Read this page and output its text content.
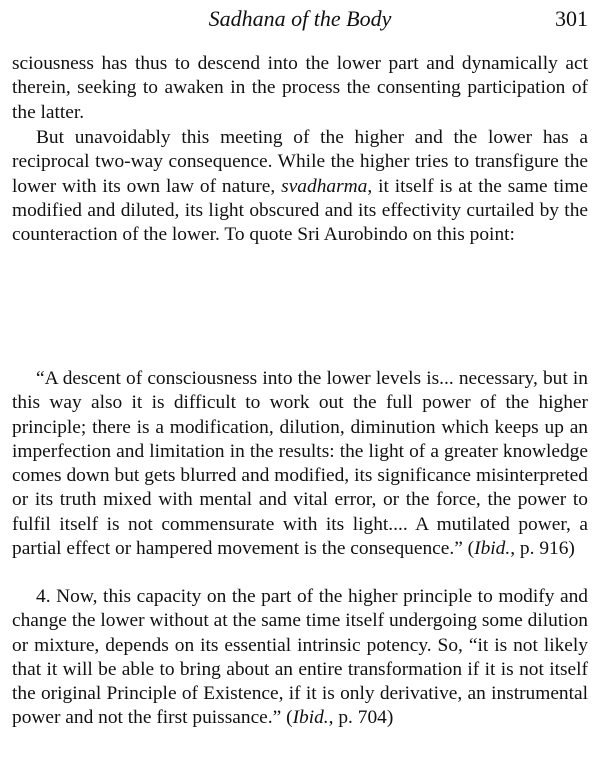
Sadhana of the Body	301

sciousness has thus to descend into the lower part and dynamically act therein, seeking to awaken in the process the consenting participation of the latter.

But unavoidably this meeting of the higher and the lower has a reciprocal two-way consequence. While the higher tries to transfigure the lower with its own law of nature, svadharma, it itself is at the same time modified and diluted, its light obscured and its effectivity curtailed by the counteraction of the lower. To quote Sri Aurobindo on this point:

“A descent of consciousness into the lower levels is... necessary, but in this way also it is difficult to work out the full power of the higher principle; there is a modification, dilution, diminution which keeps up an imperfection and limitation in the results: the light of a greater knowledge comes down but gets blurred and modified, its significance misinterpreted or its truth mixed with mental and vital error, or the force, the power to fulfil itself is not commensurate with its light.... A mutilated power, a partial effect or hampered movement is the consequence.” (Ibid., p. 916)

4. Now, this capacity on the part of the higher principle to modify and change the lower without at the same time itself undergoing some dilution or mixture, depends on its essential intrinsic potency. So, “it is not likely that it will be able to bring about an entire transformation if it is not itself the original Principle of Existence, if it is only derivative, an instrumental power and not the first puissance.” (Ibid., p. 704)
